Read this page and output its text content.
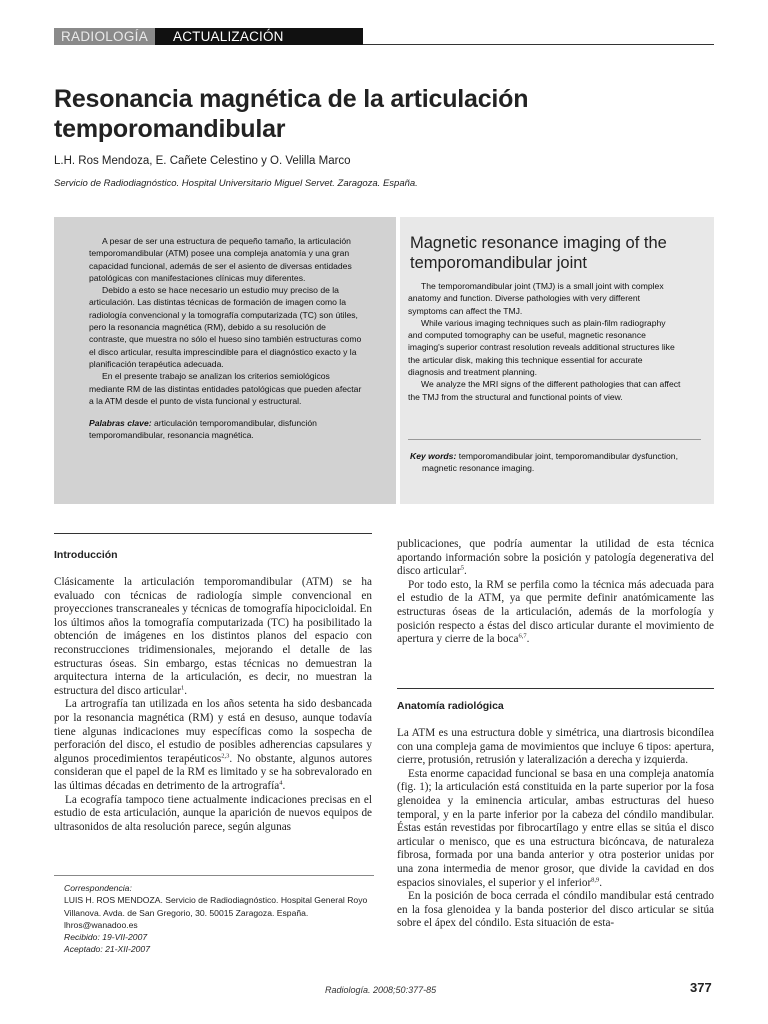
RADIOLOGÍA	ACTUALIZACIÓN
Resonancia magnética de la articulación temporomandibular
L.H. Ros Mendoza, E. Cañete Celestino y O. Velilla Marco
Servicio de Radiodiagnóstico. Hospital Universitario Miguel Servet. Zaragoza. España.

A pesar de ser una estructura de pequeño tamaño, la articulación temporomandibular (ATM) posee una compleja anatomía y una gran capacidad funcional, además de ser el asiento de diversas entidades patológicas con manifestaciones clínicas muy diferentes.

Debido a esto se hace necesario un estudio muy preciso de la articulación. Las distintas técnicas de formación de imagen como la radiología convencional y la tomografía computarizada (TC) son útiles, pero la resonancia magnética (RM), debido a su resolución de contraste, que muestra no sólo el hueso sino también estructuras como el disco articular, resulta imprescindible para el diagnóstico exacto y la planificación terapéutica adecuada.

En el presente trabajo se analizan los criterios semiológicos mediante RM de las distintas entidades patológicas que pueden afectar a la ATM desde el punto de vista funcional y estructural.

Palabras clave: articulación temporomandibular, disfunción temporomandibular, resonancia magnética.

Magnetic resonance imaging of the temporomandibular joint

The temporomandibular joint (TMJ) is a small joint with complex anatomy and function. Diverse pathologies with very different symptoms can affect the TMJ.

While various imaging techniques such as plain-film radiography and computed tomography can be useful, magnetic resonance imaging's superior contrast resolution reveals additional structures like the articular disk, making this technique essential for accurate diagnosis and treatment planning.

We analyze the MRI signs of the different pathologies that can affect the TMJ from the structural and functional points of view.

Key words: temporomandibular joint, temporomandibular dysfunction, magnetic resonance imaging.
Introducción

Clásicamente la articulación temporomandibular (ATM) se ha evaluado con técnicas de radiología simple convencional en proyecciones transcraneales y técnicas de tomografía hipocicloidal. En los últimos años la tomografía computarizada (TC) ha posibilitado la obtención de imágenes en los distintos planos del espacio con reconstrucciones tridimensionales, mejorando el detalle de las estructuras óseas. Sin embargo, estas técnicas no demuestran la arquitectura interna de la articulación, es decir, no muestran la estructura del disco articular$^1$.

La artrografía tan utilizada en los años setenta ha sido desbancada por la resonancia magnética (RM) y está en desuso, aunque todavía tiene algunas indicaciones muy específicas como la sospecha de perforación del disco, el estudio de posibles adherencias capsulares y algunos procedimientos terapéuticos$^{2,3}$. No obstante, algunos autores consideran que el papel de la RM es limitado y se ha sobrevalorado en las últimas décadas en detrimento de la artrografía$^4$.

La ecografía tampoco tiene actualmente indicaciones precisas en el estudio de esta articulación, aunque la aparición de nuevos equipos de ultrasonidos de alta resolución parece, según algunas

Correspondencia:
LUIS H. ROS MENDOZA. Servicio de Radiodiagnóstico. Hospital General Royo Villanova. Avda. de San Gregorio, 30. 50015 Zaragoza. España. lhros@wanadoo.es
Recibido: 19-VII-2007
Aceptado: 21-XII-2007

publicaciones, que podría aumentar la utilidad de esta técnica aportando información sobre la posición y patología degenerativa del disco articular$^5$.

Por todo esto, la RM se perfila como la técnica más adecuada para el estudio de la ATM, ya que permite definir anatómicamente las estructuras óseas de la articulación, además de la morfología y posición respecto a éstas del disco articular durante el movimiento de apertura y cierre de la boca$^{6,7}$.

Anatomía radiológica

La ATM es una estructura doble y simétrica, una diartrosis bicondílea con una compleja gama de movimientos que incluye 6 tipos: apertura, cierre, protusión, retrusión y lateralización a derecha y izquierda.

Esta enorme capacidad funcional se basa en una compleja anatomía (fig. 1); la articulación está constituida en la parte superior por la fosa glenoidea y la eminencia articular, ambas estructuras del hueso temporal, y en la parte inferior por la cabeza del cóndilo mandibular. Éstas están revestidas por fibrocartílago y entre ellas se sitúa el disco articular o menisco, que es una estructura bicóncava, de naturaleza fibrosa, formada por una banda anterior y otra posterior unidas por una zona intermedia de menor grosor, que divide la cavidad en dos espacios sinoviales, el superior y el inferior$^{8,9}$.

En la posición de boca cerrada el cóndilo mandibular está centrado en la fosa glenoidea y la banda posterior del disco articular se sitúa sobre el ápex del cóndilo. Esta situación de esta-

Radiología. 2008;50:377-85	377
